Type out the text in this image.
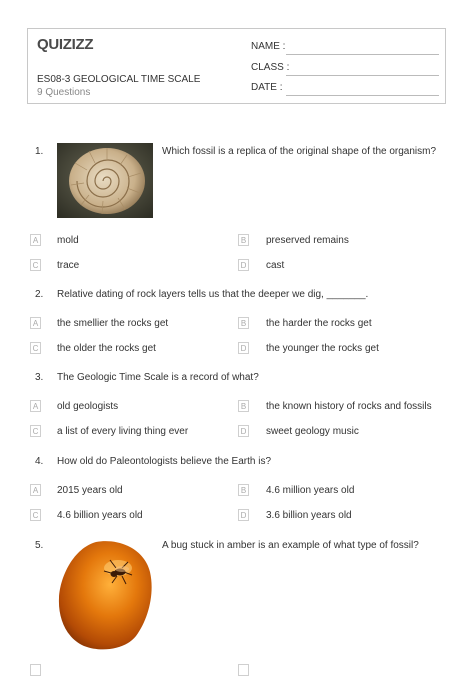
QUIZIZZ
ES08-3 GEOLOGICAL TIME SCALE
9 Questions
NAME :
CLASS :
DATE :
1.	Which fossil is a replica of the original shape of the organism?
A mold	B preserved remains
C trace	D cast
2. Relative dating of rock layers tells us that the deeper we dig, _______.
A the smellier the rocks get	B the harder the rocks get
C the older the rocks get	D the younger the rocks get
3. The Geologic Time Scale is a record of what?
A old geologists	B the known history of rocks and fossils
C a list of every living thing ever	D sweet geology music
4. How old do Paleontologists believe the Earth is?
A 2015 years old	B 4.6 million years old
C 4.6 billion years old	D 3.6 billion years old
5.	A bug stuck in amber is an example of what type of fossil?
